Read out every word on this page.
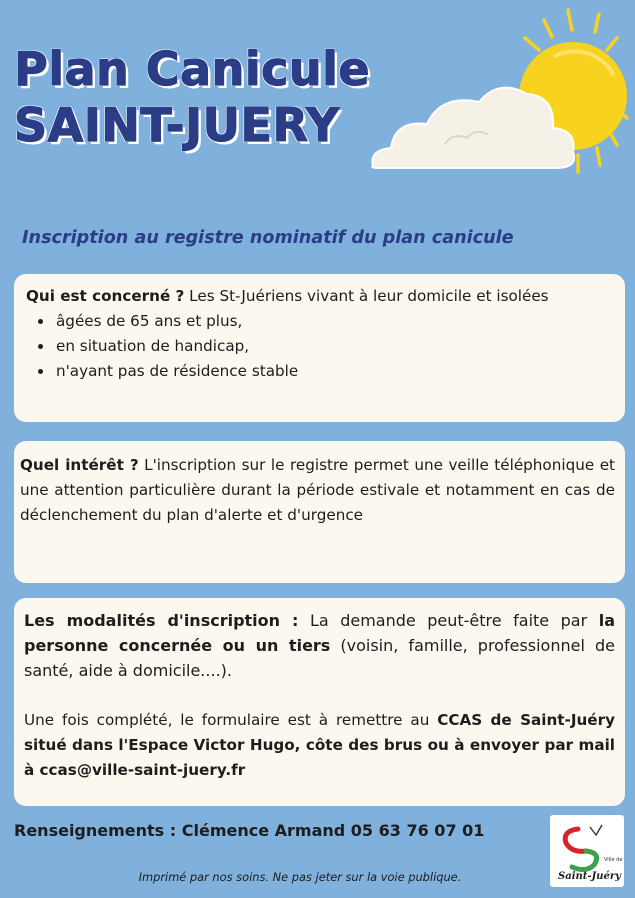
Plan Canicule
SAINT-JUERY
Inscription au registre nominatif du plan canicule

Qui est concerné ? Les St-Juériens vivant à leur domicile et isolées

• âgées de 65 ans et plus,
• en situation de handicap,
• n'ayant pas de résidence stable

Quel intérêt ? L'inscription sur le registre permet une veille téléphonique et une attention particulière durant la période estivale et notamment en cas de déclenchement du plan d'alerte et d'urgence

Les modalités d'inscription : La demande peut-être faite par la personne concernée ou un tiers (voisin, famille, professionnel de santé, aide à domicile....).

Une fois complété, le formulaire est à remettre au CCAS de Saint-Juéry situé dans l'Espace Victor Hugo, côte des brus ou à envoyer par mail à ccas@ville-saint-juery.fr

Renseignements : Clémence Armand 05 63 76 07 01

Ville de
Saint-Juéry

Imprimé par nos soins. Ne pas jeter sur la voie publique.
